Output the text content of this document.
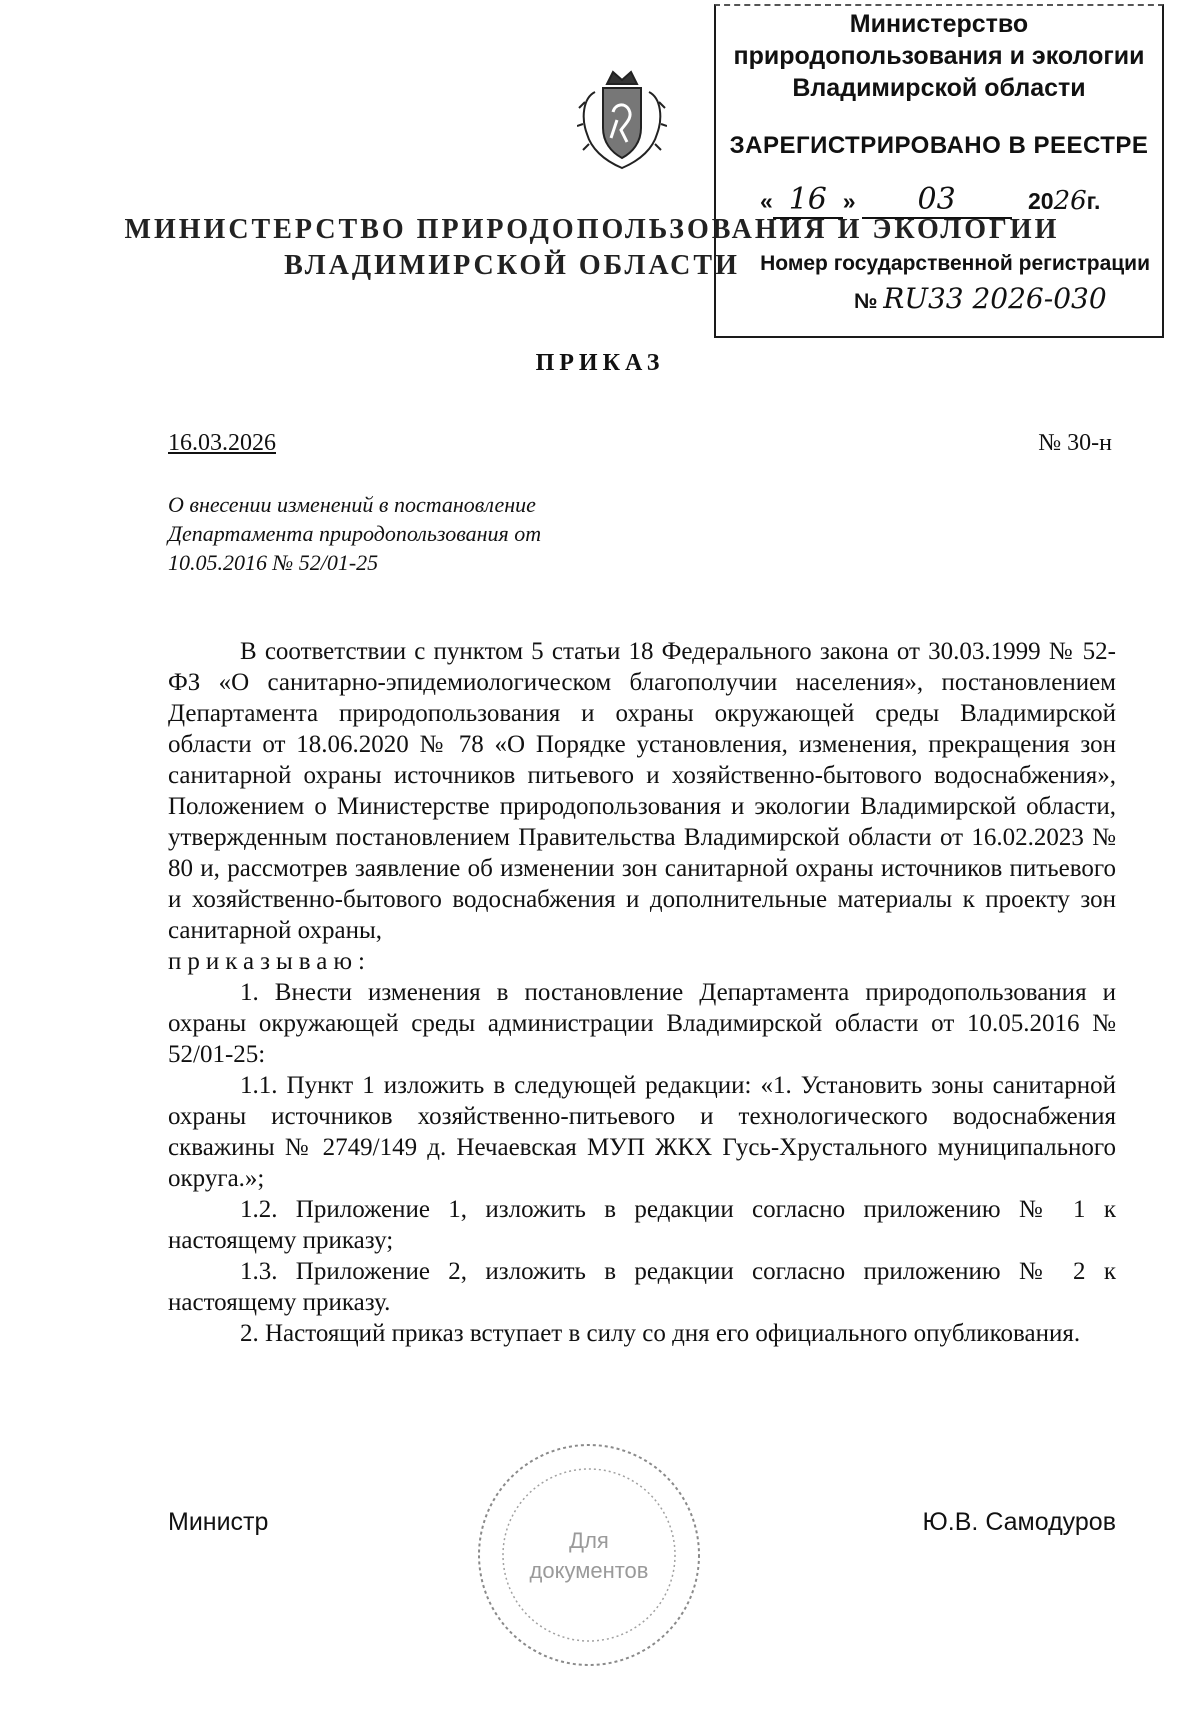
Министерство
природопользования и экологии
Владимирской области
ЗАРЕГИСТРИРОВАНО В РЕЕСТРЕ
« 16 » 03	2026г.
Номер государственной регистрации
№ RU33 2026-030
МИНИСТЕРСТВО ПРИРОДОПОЛЬЗОВАНИЯ И ЭКОЛОГИИ
ВЛАДИМИРСКОЙ ОБЛАСТИ
ПРИКАЗ
16.03.2026	№ 30-н
О внесении изменений в постановление
Департамента природопользования от
10.05.2016 № 52/01-25

В соответствии с пунктом 5 статьи 18 Федерального закона от 30.03.1999 № 52-ФЗ «О санитарно-эпидемиологическом благополучии населения», постановлением Департамента природопользования и охраны окружающей среды Владимирской области от 18.06.2020 № 78 «О Порядке установления, изменения, прекращения зон санитарной охраны источников питьевого и хозяйственно-бытового водоснабжения», Положением о Министерстве природопользования и экологии Владимирской области, утвержденным постановлением Правительства Владимирской области от 16.02.2023 № 80 и, рассмотрев заявление об изменении зон санитарной охраны источников питьевого и хозяйственно-бытового водоснабжения и дополнительные материалы к проекту зон санитарной охраны,

приказываю:

1. Внести изменения в постановление Департамента природопользования и охраны окружающей среды администрации Владимирской области от 10.05.2016 № 52/01-25:

1.1. Пункт 1 изложить в следующей редакции: «1. Установить зоны санитарной охраны источников хозяйственно-питьевого и технологического водоснабжения скважины № 2749/149 д. Нечаевская МУП ЖКХ Гусь-Хрустального муниципального округа.»;

1.2. Приложение 1, изложить в редакции согласно приложению № 1 к настоящему приказу;

1.3. Приложение 2, изложить в редакции согласно приложению № 2 к настоящему приказу.

2. Настоящий приказ вступает в силу со дня его официального опубликования.

Для
документов
Министр	Ю.В. Самодуров
